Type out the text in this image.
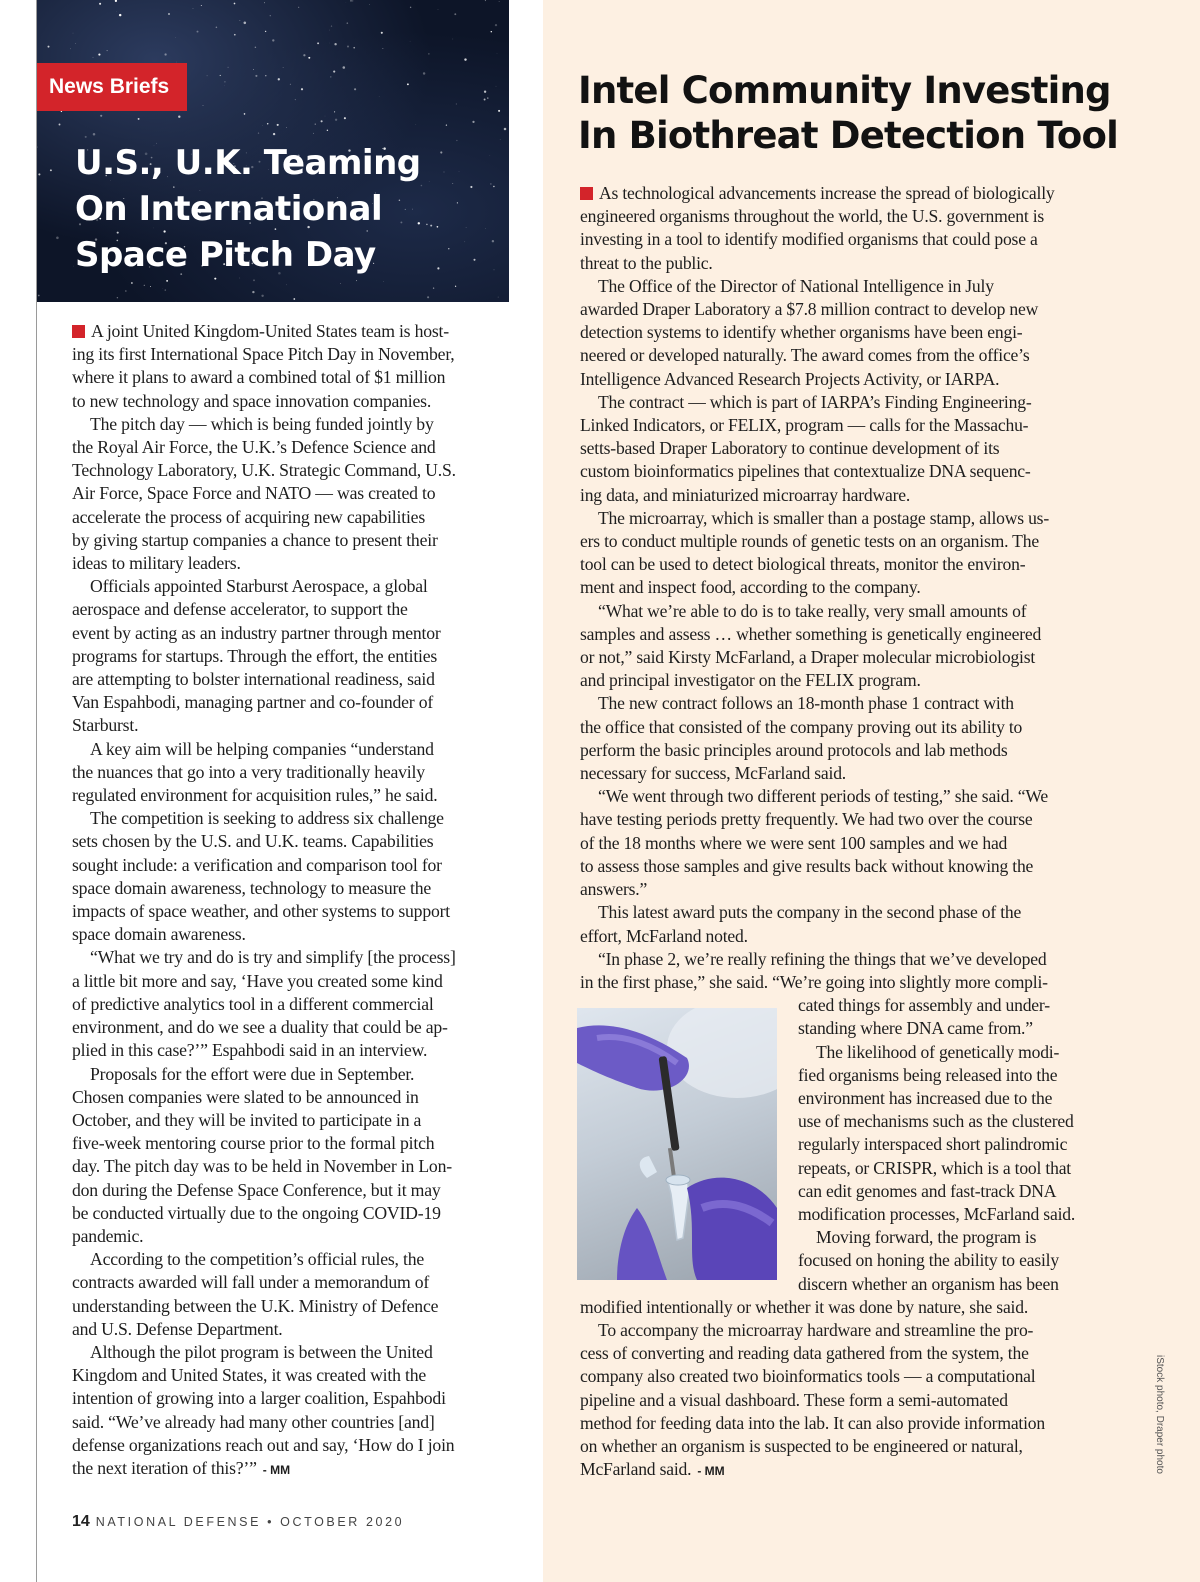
News Briefs
U.S., U.K. Teaming
On International
Space Pitch Day

A joint United Kingdom-United States team is host-
ing its first International Space Pitch Day in November,
where it plans to award a combined total of $1 million
to new technology and space innovation companies.

The pitch day — which is being funded jointly by
the Royal Air Force, the U.K.’s Defence Science and
Technology Laboratory, U.K. Strategic Command, U.S.
Air Force, Space Force and NATO — was created to
accelerate the process of acquiring new capabilities
by giving startup companies a chance to present their
ideas to military leaders.

Officials appointed Starburst Aerospace, a global
aerospace and defense accelerator, to support the
event by acting as an industry partner through mentor
programs for startups. Through the effort, the entities
are attempting to bolster international readiness, said
Van Espahbodi, managing partner and co-founder of
Starburst.

A key aim will be helping companies “understand
the nuances that go into a very traditionally heavily
regulated environment for acquisition rules,” he said.

The competition is seeking to address six challenge
sets chosen by the U.S. and U.K. teams. Capabilities
sought include: a verification and comparison tool for
space domain awareness, technology to measure the
impacts of space weather, and other systems to support
space domain awareness.

“What we try and do is try and simplify [the process]
a little bit more and say, ‘Have you created some kind
of predictive analytics tool in a different commercial
environment, and do we see a duality that could be ap-
plied in this case?’” Espahbodi said in an interview.

Proposals for the effort were due in September.
Chosen companies were slated to be announced in
October, and they will be invited to participate in a
five-week mentoring course prior to the formal pitch
day. The pitch day was to be held in November in Lon-
don during the Defense Space Conference, but it may
be conducted virtually due to the ongoing COVID-19
pandemic.

According to the competition’s official rules, the
contracts awarded will fall under a memorandum of
understanding between the U.K. Ministry of Defence
and U.S. Defense Department.

Although the pilot program is between the United
Kingdom and United States, it was created with the
intention of growing into a larger coalition, Espahbodi
said. “We’ve already had many other countries [and]
defense organizations reach out and say, ‘How do I join
the next iteration of this?’” - MM

14 NATIONAL DEFENSE • OCTOBER 2020
Intel Community Investing
In Biothreat Detection Tool

As technological advancements increase the spread of biologically
engineered organisms throughout the world, the U.S. government is
investing in a tool to identify modified organisms that could pose a
threat to the public.

The Office of the Director of National Intelligence in July
awarded Draper Laboratory a $7.8 million contract to develop new
detection systems to identify whether organisms have been engi-
neered or developed naturally. The award comes from the office’s
Intelligence Advanced Research Projects Activity, or IARPA.

The contract — which is part of IARPA’s Finding Engineering-
Linked Indicators, or FELIX, program — calls for the Massachu-
setts-based Draper Laboratory to continue development of its
custom bioinformatics pipelines that contextualize DNA sequenc-
ing data, and miniaturized microarray hardware.

The microarray, which is smaller than a postage stamp, allows us-
ers to conduct multiple rounds of genetic tests on an organism. The
tool can be used to detect biological threats, monitor the environ-
ment and inspect food, according to the company.

“What we’re able to do is to take really, very small amounts of
samples and assess … whether something is genetically engineered
or not,” said Kirsty McFarland, a Draper molecular microbiologist
and principal investigator on the FELIX program.

The new contract follows an 18-month phase 1 contract with
the office that consisted of the company proving out its ability to
perform the basic principles around protocols and lab methods
necessary for success, McFarland said.

“We went through two different periods of testing,” she said. “We
have testing periods pretty frequently. We had two over the course
of the 18 months where we were sent 100 samples and we had
to assess those samples and give results back without knowing the
answers.”

This latest award puts the company in the second phase of the
effort, McFarland noted.

“In phase 2, we’re really refining the things that we’ve developed
in the first phase,” she said. “We’re going into slightly more compli-
cated things for assembly and under-
standing where DNA came from.”

The likelihood of genetically modi-
fied organisms being released into the
environment has increased due to the
use of mechanisms such as the clustered
regularly interspaced short palindromic
repeats, or CRISPR, which is a tool that
can edit genomes and fast-track DNA
modification processes, McFarland said.

Moving forward, the program is
focused on honing the ability to easily
discern whether an organism has been
modified intentionally or whether it was done by nature, she said.

To accompany the microarray hardware and streamline the pro-
cess of converting and reading data gathered from the system, the
company also created two bioinformatics tools — a computational
pipeline and a visual dashboard. These form a semi-automated
method for feeding data into the lab. It can also provide information
on whether an organism is suspected to be engineered or natural,
McFarland said. - MM	iStock photo, Draper photo
